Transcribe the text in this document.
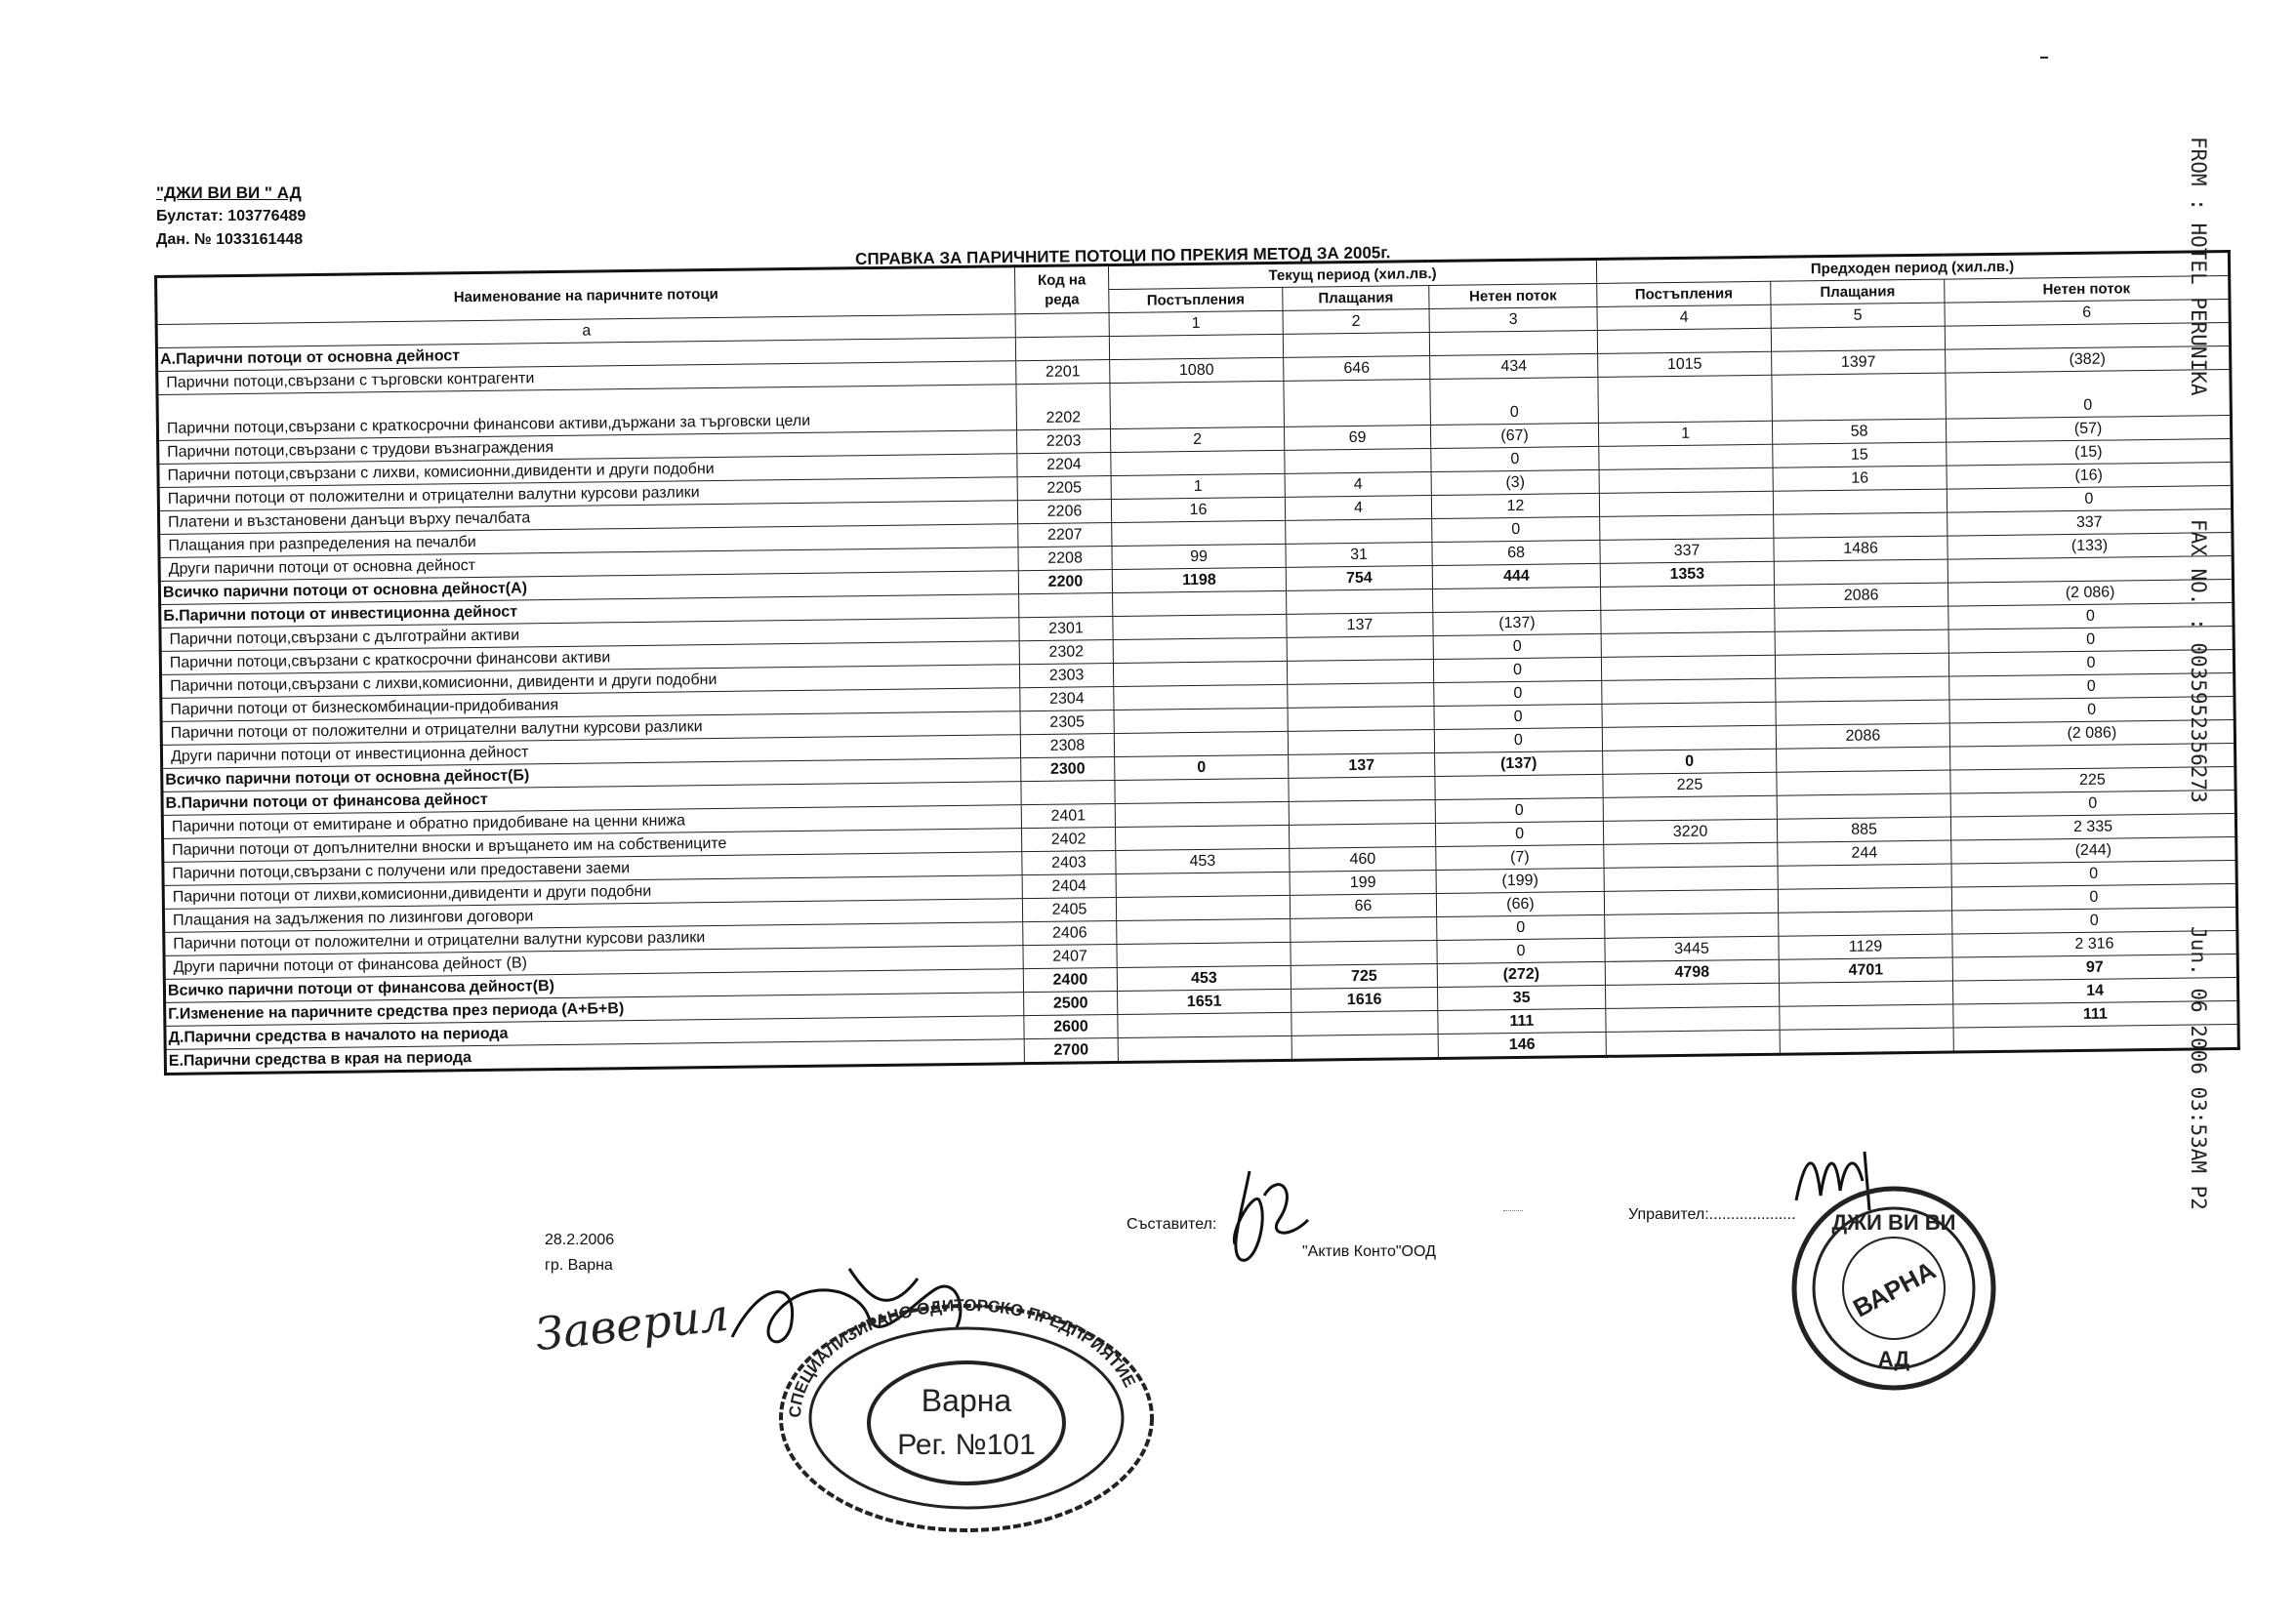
"ДЖИ ВИ ВИ " АД
Булстат: 103776489
Дан. № 1033161448
СПРАВКА ЗА ПАРИЧНИТЕ ПОТОЦИ ПО ПРЕКИЯ МЕТОД ЗА 2005г.
Наименование на паричните потоци	Код на реда	Текущ период (хил.лв.)			Предходен период (хил.лв.)		
		Постъпления	Плащания	Нетен поток	Постъпления	Плащания	Нетен поток
а		1	2	3	4	5	6
А.Парични потоци от основна дейност							
Парични потоци,свързани с търговски контрагенти	2201	1080	646	434	1015	1397	(382)
Парични потоци,свързани с краткосрочни финансови активи,държани за търговски цели	2202			0			0
Парични потоци,свързани с трудови възнаграждения	2203	2	69	(67)	1	58	(57)
Парични потоци,свързани с лихви, комисионни,дивиденти и други подобни	2204			0		15	(15)
Парични потоци от положителни и отрицателни валутни курсови разлики	2205	1	4	(3)		16	(16)
Платени и възстановени данъци върху печалбата	2206	16	4	12			0
Плащания при разпределения на печалби	2207			0			337
Други парични потоци от основна дейност	2208	99	31	68	337	1486	(133)
Всичко парични потоци от основна дейност(А)	2200	1198	754	444	1353		
Б.Парични потоци от инвестиционна дейност						2086	(2 086)
Парични потоци,свързани с дълготрайни активи	2301		137	(137)			0
Парични потоци,свързани с краткосрочни финансови активи	2302			0			0
Парични потоци,свързани с лихви,комисионни, дивиденти и други подобни	2303			0			0
Парични потоци от бизнескомбинации-придобивания	2304			0			0
Парични потоци от положителни и отрицателни валутни курсови разлики	2305			0			0
Други парични потоци от инвестиционна дейност	2308			0		2086	(2 086)
Всичко парични потоци от основна дейност(Б)	2300	0	137	(137)	0		
В.Парични потоци от финансова дейност					225		225
Парични потоци от емитиране и обратно придобиване на ценни книжа	2401			0			0
Парични потоци от допълнителни вноски и връщането им на собствениците	2402			0	3220	885	2 335
Парични потоци,свързани с получени или предоставени заеми	2403	453	460	(7)		244	(244)
Парични потоци от лихви,комисионни,дивиденти и други подобни	2404		199	(199)			0
Плащания на задължения по лизингови договори	2405		66	(66)			0
Парични потоци от положителни и отрицателни валутни курсови разлики	2406			0			0
Други парични потоци от финансова дейност (В)	2407			0	3445	1129	2 316
Всичко парични потоци от финансова дейност(В)	2400	453	725	(272)	4798	4701	97
Г.Изменение на паричните средства през периода (А+Б+В)	2500	1651	1616	35			14
Д.Парични средства в началото на периода	2600			111			111
Е.Парични средства в края на периода	2700			146				FROM : HOTEL PERUNIKA          FAX NO. : 0035952356273          Jun. 06 2006 03:53AM P2
28.2.2006
гр. Варна
Съставител:
"Актив Конто"ООД
Управител:....................
Заверил
СПЕЦИАЛИЗИРАНО ОДИТОРСКО ПРЕДПРИЯТИЕ
Варна
Рег. №101
ДЖИ ВИ ВИ
ВАРНА
АД
